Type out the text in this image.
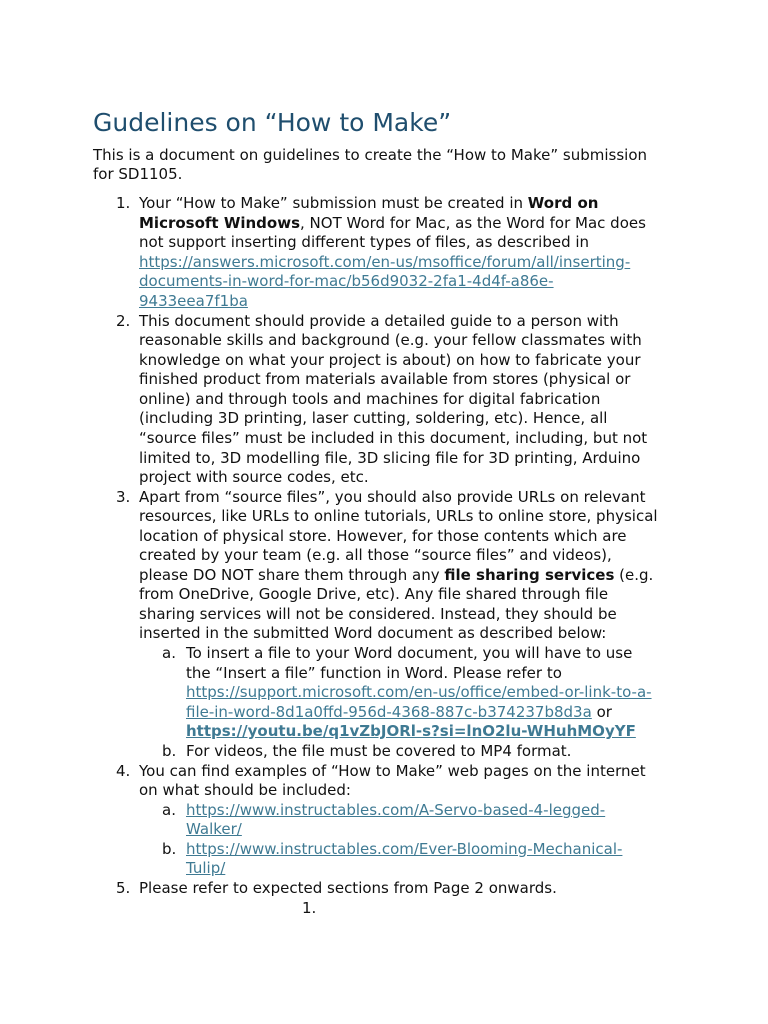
Gudelines on “How to Make”
This is a document on guidelines to create the “How to Make” submission
for SD1105.
1. Your “How to Make” submission must be created in Word on
Microsoft Windows, NOT Word for Mac, as the Word for Mac does
not support inserting different types of files, as described in
https://answers.microsoft.com/en-us/msoffice/forum/all/inserting-
documents-in-word-for-mac/b56d9032-2fa1-4d4f-a86e-
9433eea7f1ba
2. This document should provide a detailed guide to a person with
reasonable skills and background (e.g. your fellow classmates with
knowledge on what your project is about) on how to fabricate your
finished product from materials available from stores (physical or
online) and through tools and machines for digital fabrication
(including 3D printing, laser cutting, soldering, etc). Hence, all
“source files” must be included in this document, including, but not
limited to, 3D modelling file, 3D slicing file for 3D printing, Arduino
project with source codes, etc.
3. Apart from “source files”, you should also provide URLs on relevant
resources, like URLs to online tutorials, URLs to online store, physical
location of physical store. However, for those contents which are
created by your team (e.g. all those “source files” and videos),
please DO NOT share them through any file sharing services (e.g.
from OneDrive, Google Drive, etc). Any file shared through file
sharing services will not be considered. Instead, they should be
inserted in the submitted Word document as described below:
a. To insert a file to your Word document, you will have to use
the “Insert a file” function in Word. Please refer to
https://support.microsoft.com/en-us/office/embed-or-link-to-a-
file-in-word-8d1a0ffd-956d-4368-887c-b374237b8d3a or
https://youtu.be/q1vZbJORl-s?si=lnO2lu-WHuhMOyYF
b. For videos, the file must be covered to MP4 format.
4. You can find examples of “How to Make” web pages on the internet
on what should be included:
a. https://www.instructables.com/A-Servo-based-4-legged-
Walker/
b. https://www.instructables.com/Ever-Blooming-Mechanical-
Tulip/
5. Please refer to expected sections from Page 2 onwards.
1.
